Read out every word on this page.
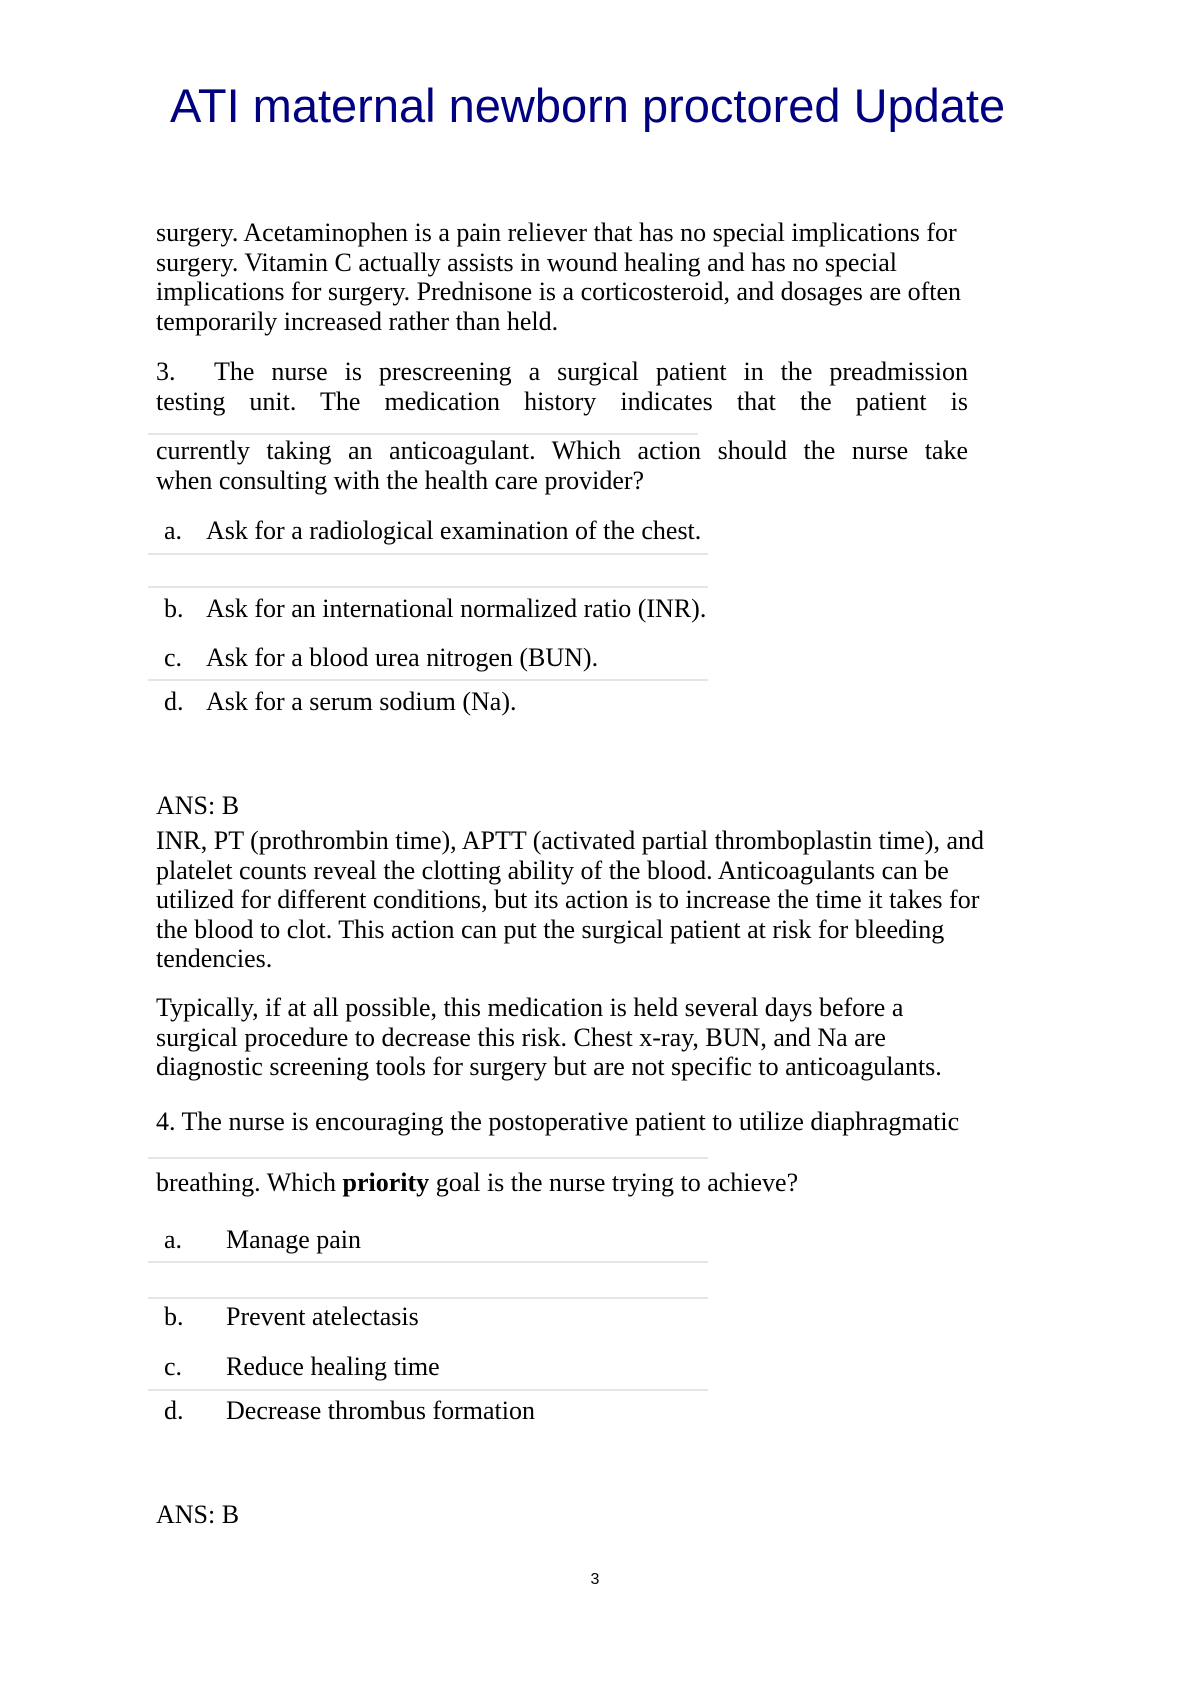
ATI maternal newborn proctored Update
surgery. Acetaminophen is a pain reliever that has no special implications for
surgery. Vitamin C actually assists in wound healing and has no special
implications for surgery. Prednisone is a corticosteroid, and dosages are often
temporarily increased rather than held.
3.	The nurse is prescreening a surgical patient in the preadmission
testing unit. The medication history indicates that the patient is
currently taking an anticoagulant. Which action should the nurse take
when consulting with the health care provider?
a. Ask for a radiological examination of the chest.
b. Ask for an international normalized ratio (INR).
c. Ask for a blood urea nitrogen (BUN).
d. Ask for a serum sodium (Na).
ANS: B
INR, PT (prothrombin time), APTT (activated partial thromboplastin time), and
platelet counts reveal the clotting ability of the blood. Anticoagulants can be
utilized for different conditions, but its action is to increase the time it takes for
the blood to clot. This action can put the surgical patient at risk for bleeding
tendencies.
Typically, if at all possible, this medication is held several days before a
surgical procedure to decrease this risk. Chest x-ray, BUN, and Na are
diagnostic screening tools for surgery but are not specific to anticoagulants.
4. The nurse is encouraging the postoperative patient to utilize diaphragmatic
breathing. Which priority goal is the nurse trying to achieve?
a. Manage pain
b. Prevent atelectasis
c. Reduce healing time
d. Decrease thrombus formation
ANS: B
3
